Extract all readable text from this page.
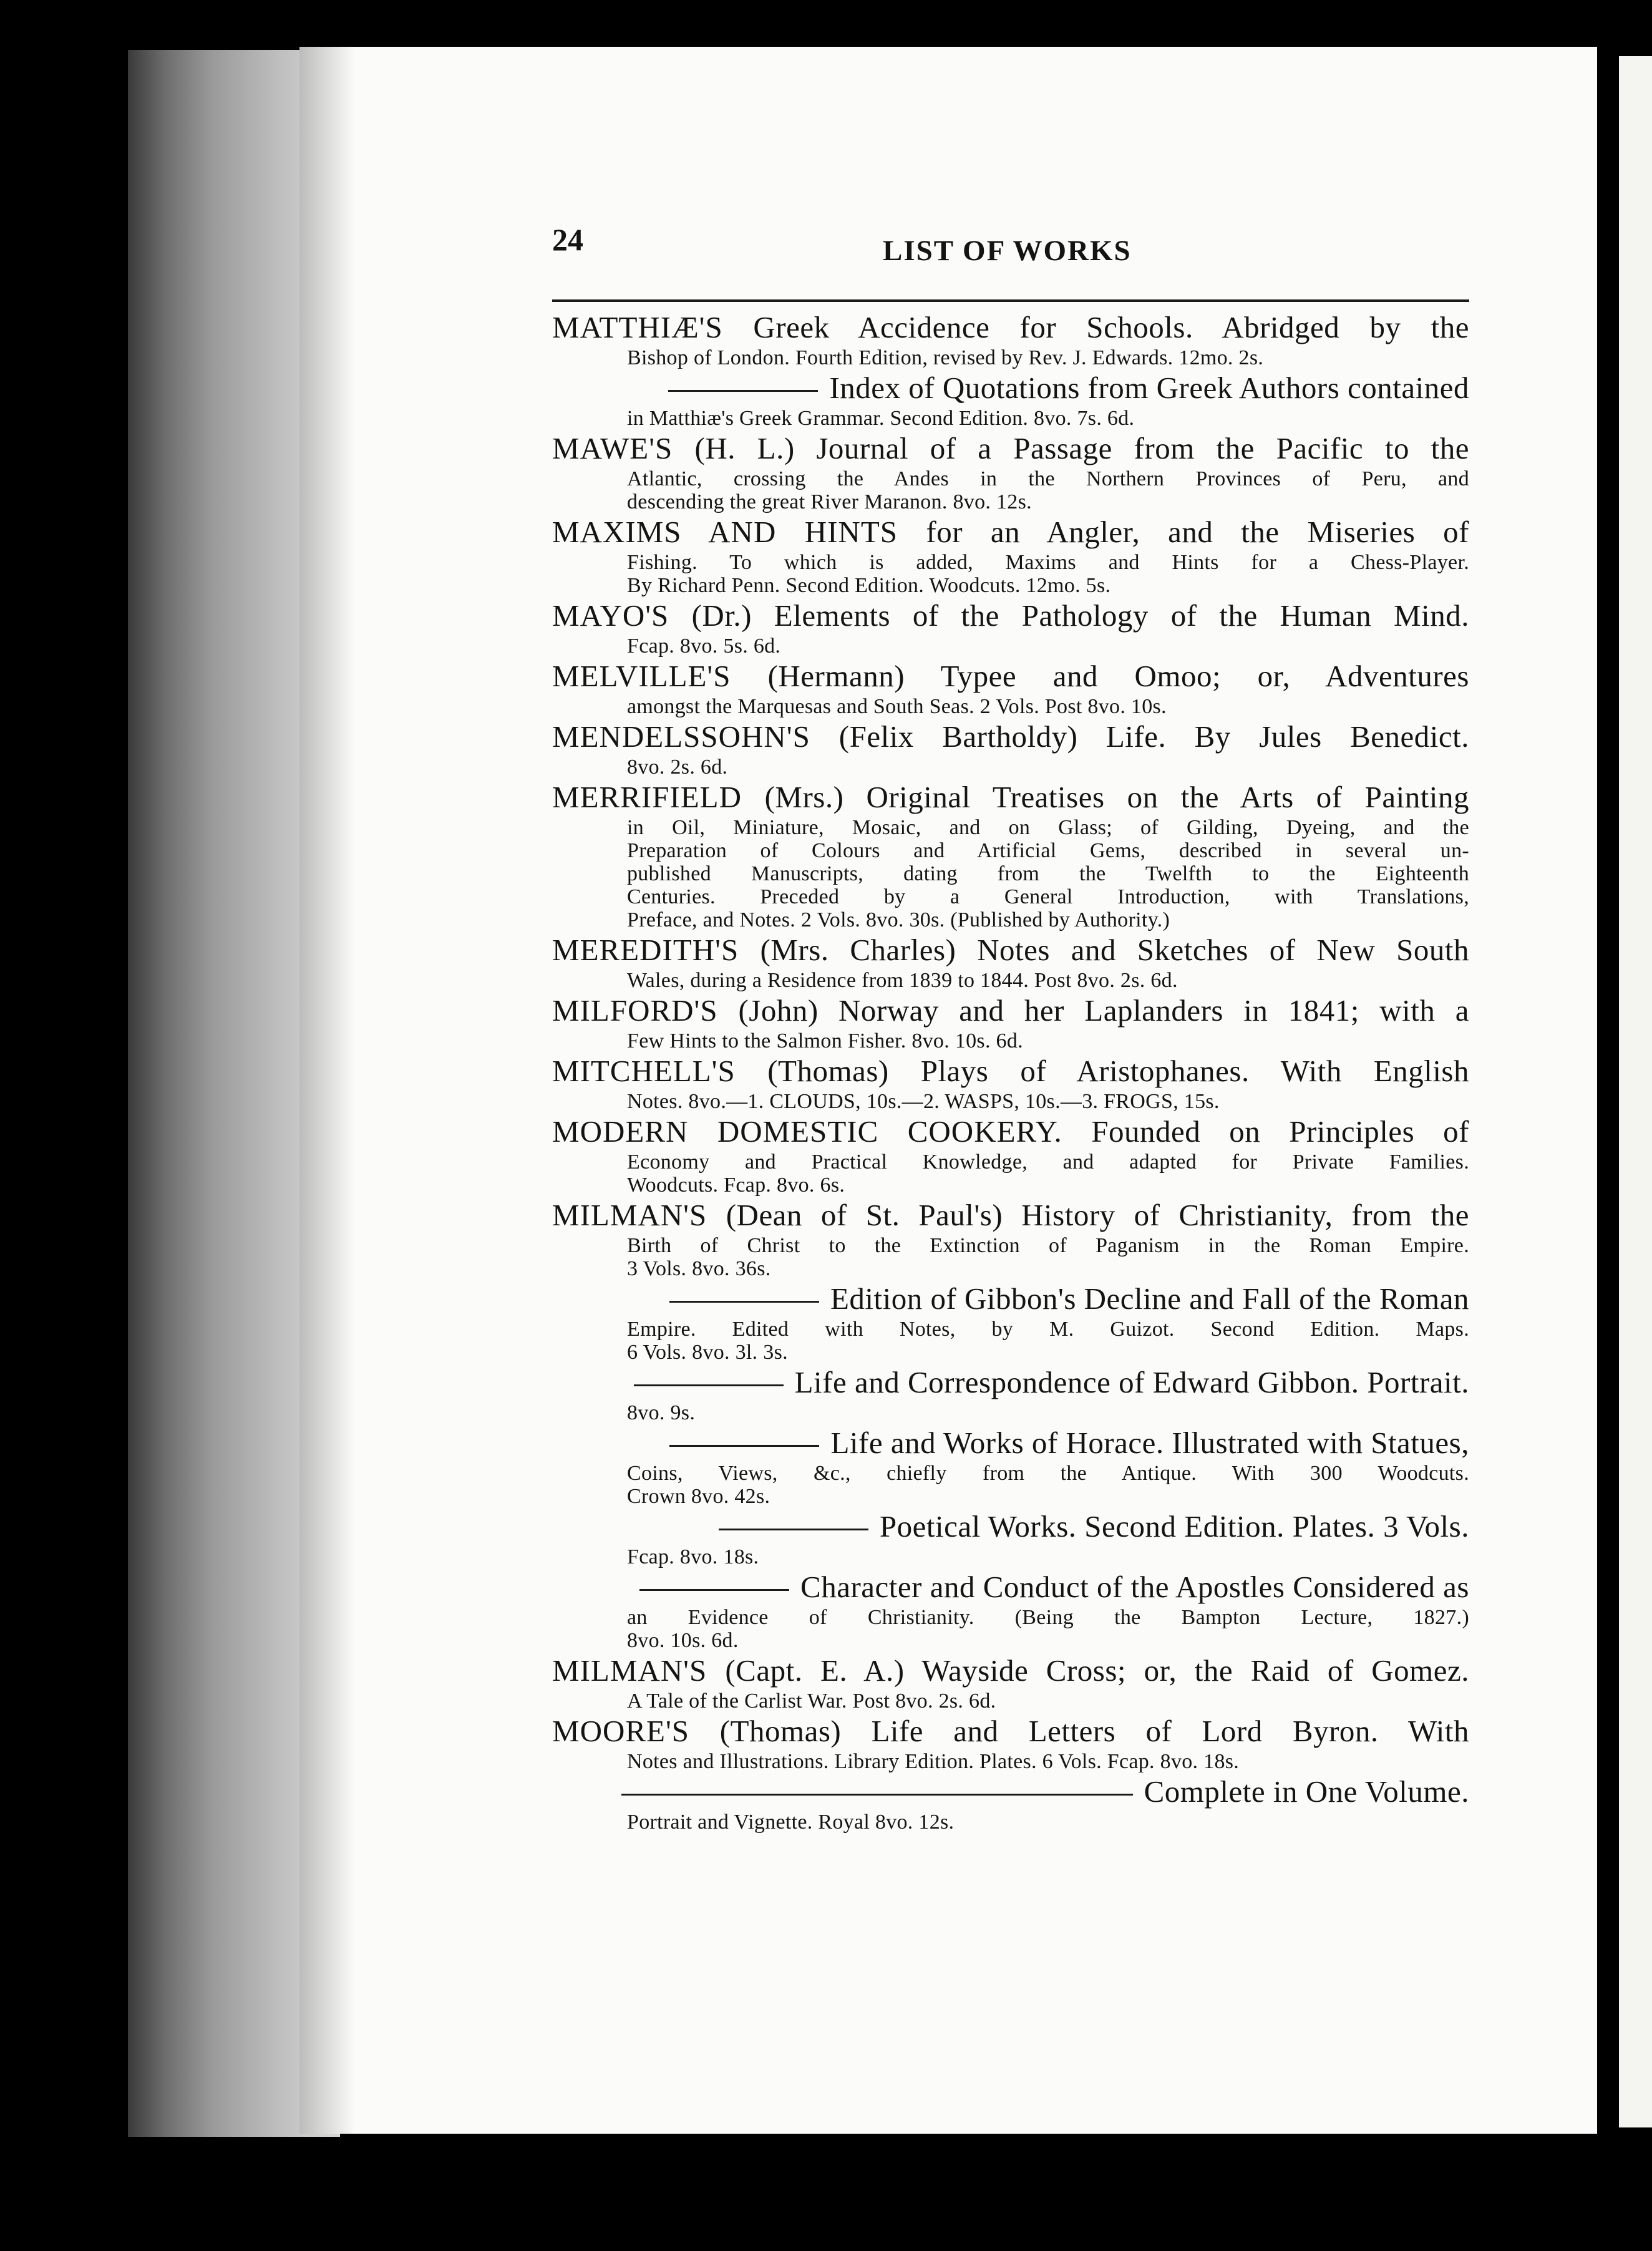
24	LIST OF WORKS
MATTHIÆ'S Greek Accidence for Schools. Abridged by the
Bishop of London. Fourth Edition, revised by Rev. J. Edwards. 12mo. 2s.
Index of Quotations from Greek Authors contained
in Matthiæ's Greek Grammar. Second Edition. 8vo. 7s. 6d.
MAWE'S (H. L.) Journal of a Passage from the Pacific to the
Atlantic, crossing the Andes in the Northern Provinces of Peru, and
descending the great River Maranon. 8vo. 12s.
MAXIMS AND HINTS for an Angler, and the Miseries of
Fishing. To which is added, Maxims and Hints for a Chess-Player.
By Richard Penn. Second Edition. Woodcuts. 12mo. 5s.
MAYO'S (Dr.) Elements of the Pathology of the Human Mind.
Fcap. 8vo. 5s. 6d.
MELVILLE'S (Hermann) Typee and Omoo; or, Adventures
amongst the Marquesas and South Seas. 2 Vols. Post 8vo. 10s.
MENDELSSOHN'S (Felix Bartholdy) Life. By Jules Benedict.
8vo. 2s. 6d.
MERRIFIELD (Mrs.) Original Treatises on the Arts of Painting
in Oil, Miniature, Mosaic, and on Glass; of Gilding, Dyeing, and the
Preparation of Colours and Artificial Gems, described in several un-
published Manuscripts, dating from the Twelfth to the Eighteenth
Centuries. Preceded by a General Introduction, with Translations,
Preface, and Notes. 2 Vols. 8vo. 30s. (Published by Authority.)
MEREDITH'S (Mrs. Charles) Notes and Sketches of New South
Wales, during a Residence from 1839 to 1844. Post 8vo. 2s. 6d.
MILFORD'S (John) Norway and her Laplanders in 1841; with a
Few Hints to the Salmon Fisher. 8vo. 10s. 6d.
MITCHELL'S (Thomas) Plays of Aristophanes. With English
Notes. 8vo.—1. CLOUDS, 10s.—2. WASPS, 10s.—3. FROGS, 15s.
MODERN DOMESTIC COOKERY. Founded on Principles of
Economy and Practical Knowledge, and adapted for Private Families.
Woodcuts. Fcap. 8vo. 6s.
MILMAN'S (Dean of St. Paul's) History of Christianity, from the
Birth of Christ to the Extinction of Paganism in the Roman Empire.
3 Vols. 8vo. 36s.
Edition of Gibbon's Decline and Fall of the Roman
Empire. Edited with Notes, by M. Guizot. Second Edition. Maps.
6 Vols. 8vo. 3l. 3s.
Life and Correspondence of Edward Gibbon. Portrait.
8vo. 9s.
Life and Works of Horace. Illustrated with Statues,
Coins, Views, &c., chiefly from the Antique. With 300 Woodcuts.
Crown 8vo. 42s.
Poetical Works. Second Edition. Plates. 3 Vols.
Fcap. 8vo. 18s.
Character and Conduct of the Apostles Considered as
an Evidence of Christianity. (Being the Bampton Lecture, 1827.)
8vo. 10s. 6d.
MILMAN'S (Capt. E. A.) Wayside Cross; or, the Raid of Gomez.
A Tale of the Carlist War. Post 8vo. 2s. 6d.
MOORE'S (Thomas) Life and Letters of Lord Byron. With
Notes and Illustrations. Library Edition. Plates. 6 Vols. Fcap. 8vo. 18s.
Complete in One Volume.
Portrait and Vignette. Royal 8vo. 12s.
